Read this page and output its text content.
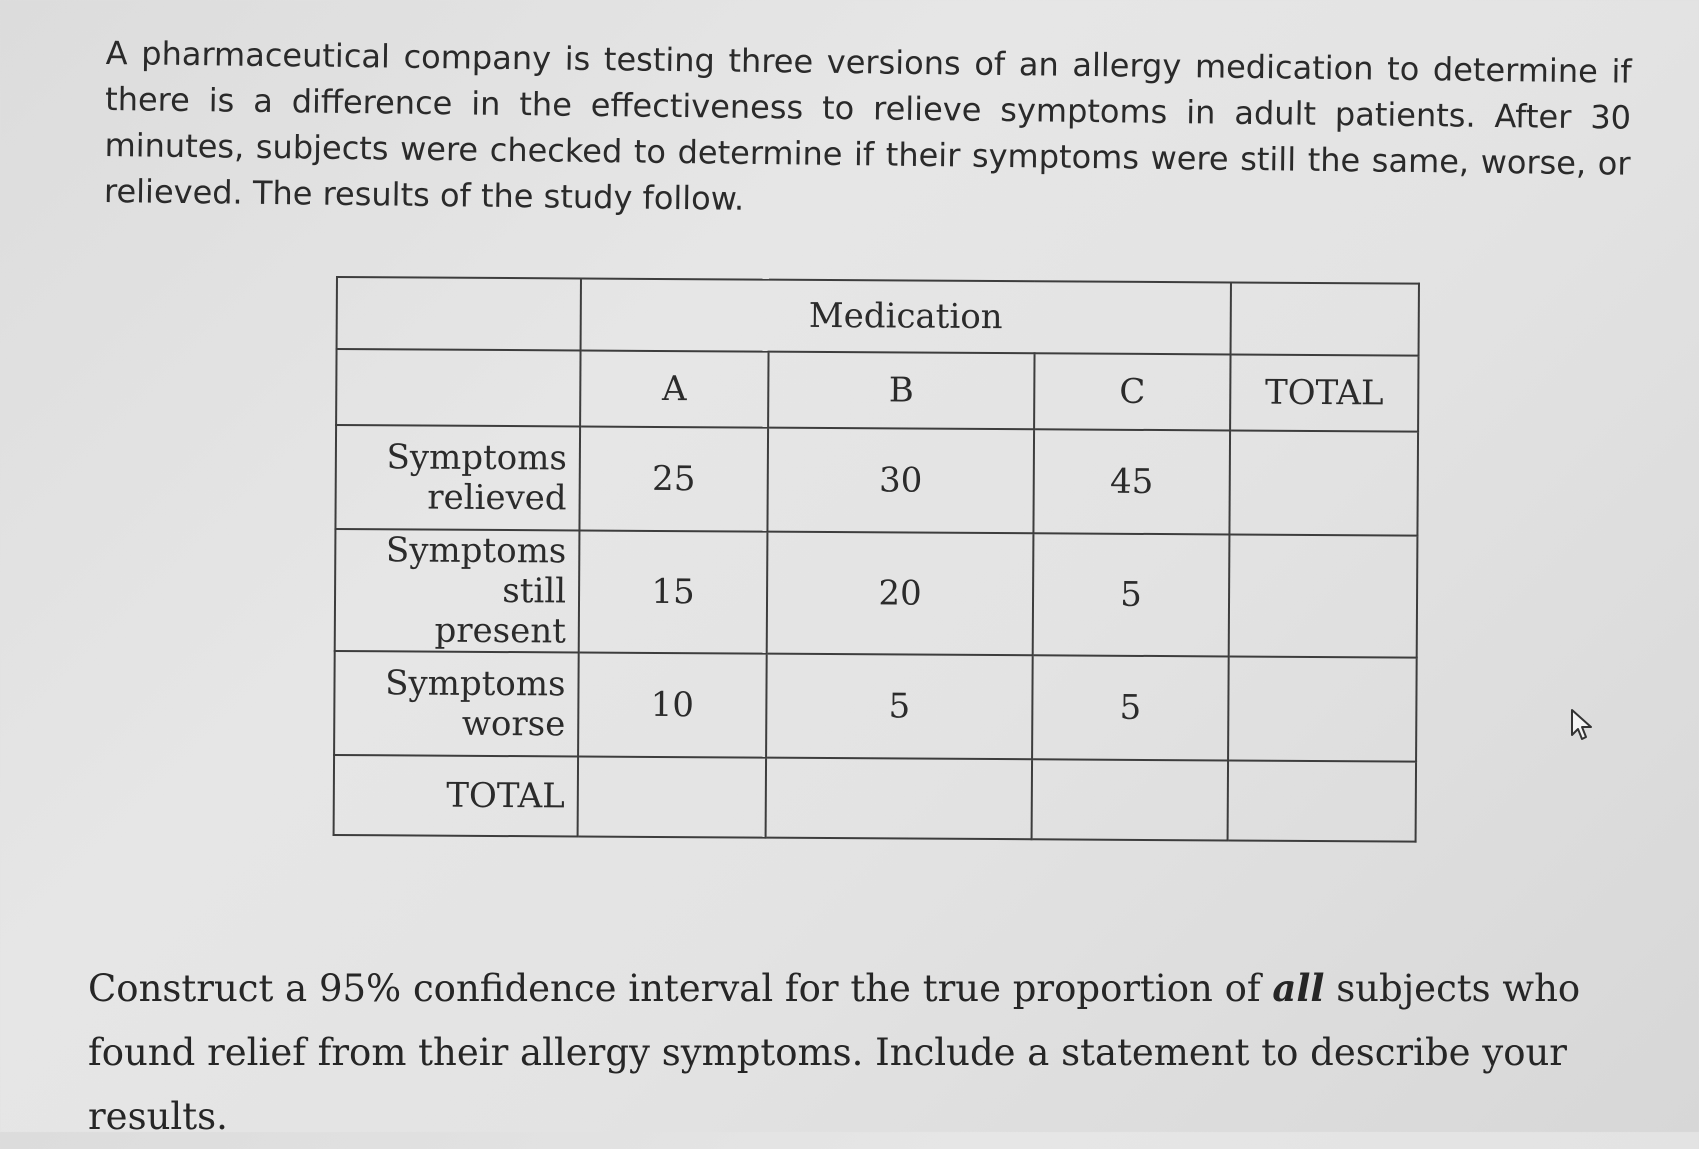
A pharmaceutical company is testing three versions of an allergy medication to determine if there is a difference in the effectiveness to relieve symptoms in adult patients. After 30 minutes, subjects were checked to determine if their symptoms were still the same, worse, or relieved. The results of the study follow.

	Medication			
	A	B	C	TOTAL
Symptoms
relieved	25	30	45	
Symptoms still
present	15	20	5	
Symptoms
worse	10	5	5	
TOTAL				

Construct a 95% confidence interval for the true proportion of all subjects who found relief from their allergy symptoms. Include a statement to describe your results.
